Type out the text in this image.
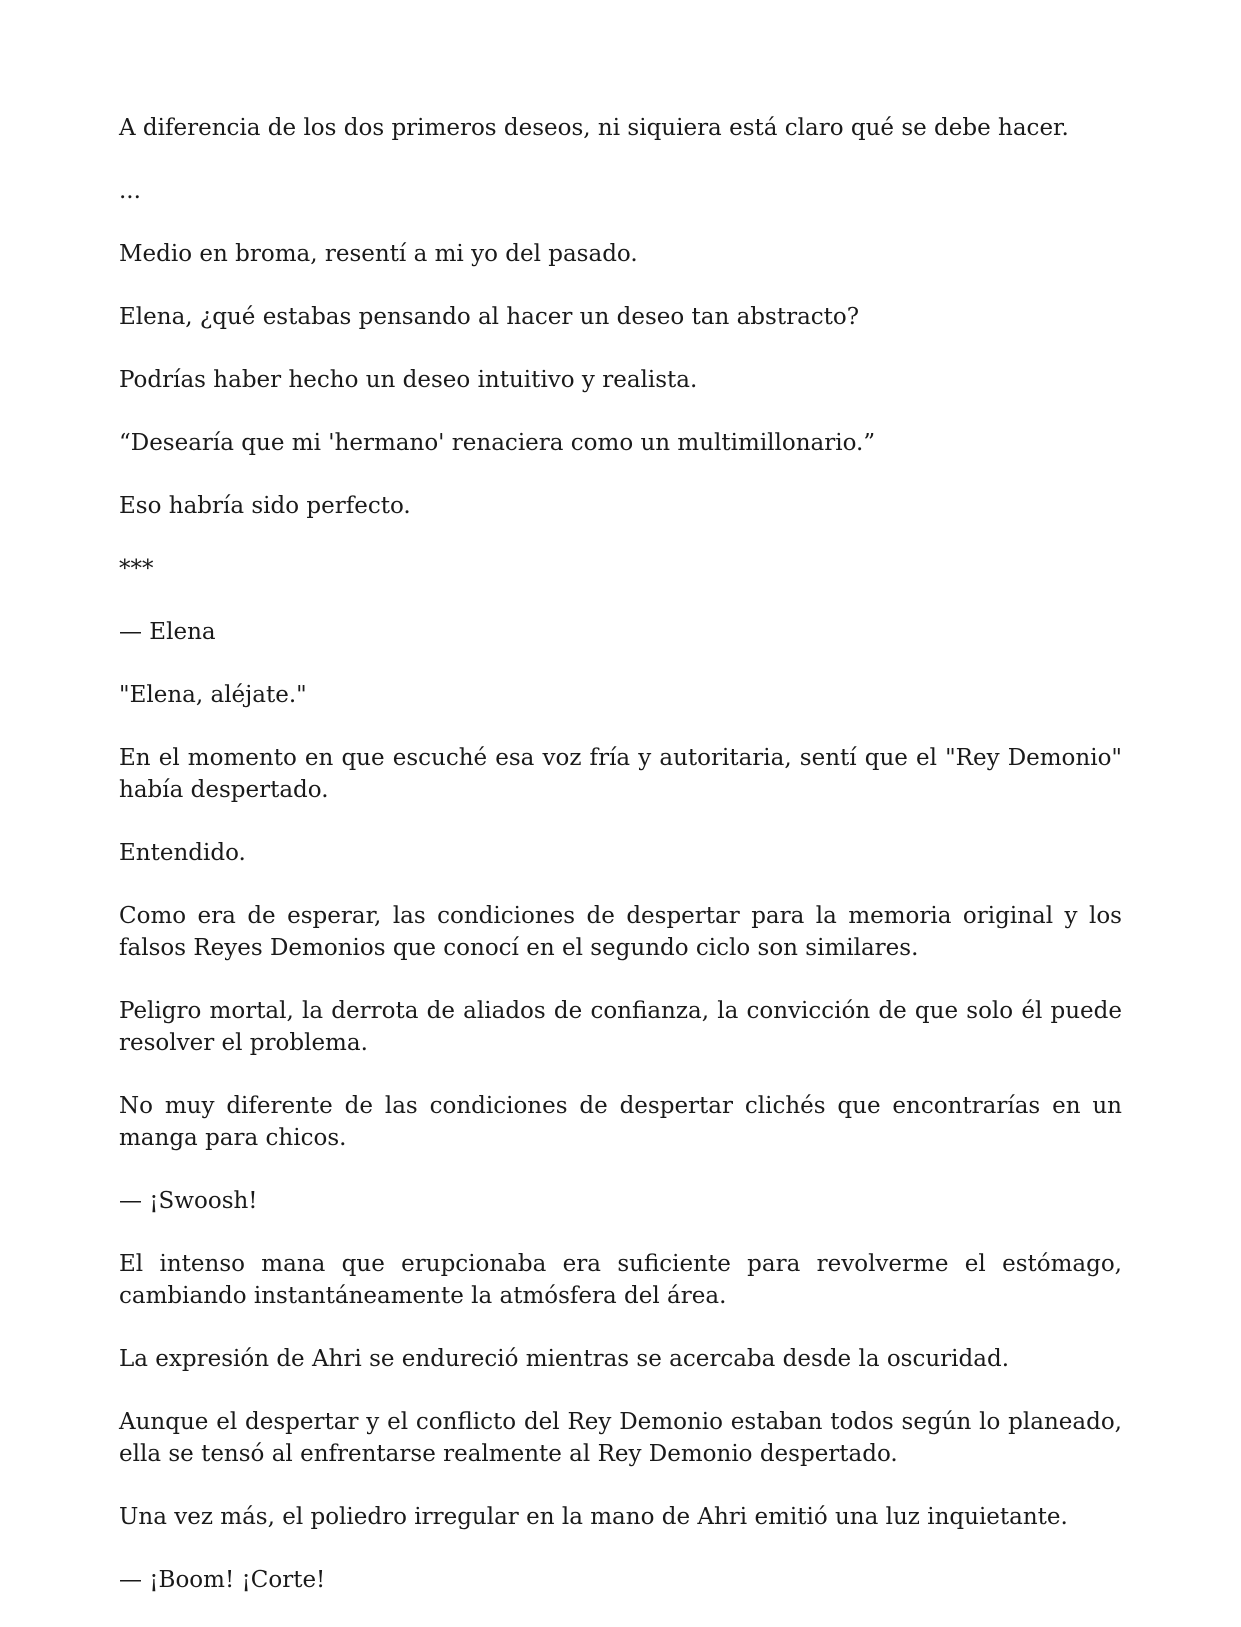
A diferencia de los dos primeros deseos, ni siquiera está claro qué se debe hacer.

...

Medio en broma, resentí a mi yo del pasado.

Elena, ¿qué estabas pensando al hacer un deseo tan abstracto?

Podrías haber hecho un deseo intuitivo y realista.

“Desearía que mi 'hermano' renaciera como un multimillonario.”

Eso habría sido perfecto.

***

— Elena

"Elena, aléjate."

En el momento en que escuché esa voz fría y autoritaria, sentí que el "Rey Demonio" había despertado.

Entendido.

Como era de esperar, las condiciones de despertar para la memoria original y los falsos Reyes Demonios que conocí en el segundo ciclo son similares.

Peligro mortal, la derrota de aliados de confianza, la convicción de que solo él puede resolver el problema.

No muy diferente de las condiciones de despertar clichés que encontrarías en un manga para chicos.

— ¡Swoosh!

El intenso mana que erupcionaba era suficiente para revolverme el estómago, cambiando instantáneamente la atmósfera del área.

La expresión de Ahri se endureció mientras se acercaba desde la oscuridad.

Aunque el despertar y el conflicto del Rey Demonio estaban todos según lo planeado, ella se tensó al enfrentarse realmente al Rey Demonio despertado.

Una vez más, el poliedro irregular en la mano de Ahri emitió una luz inquietante.

— ¡Boom! ¡Corte!
